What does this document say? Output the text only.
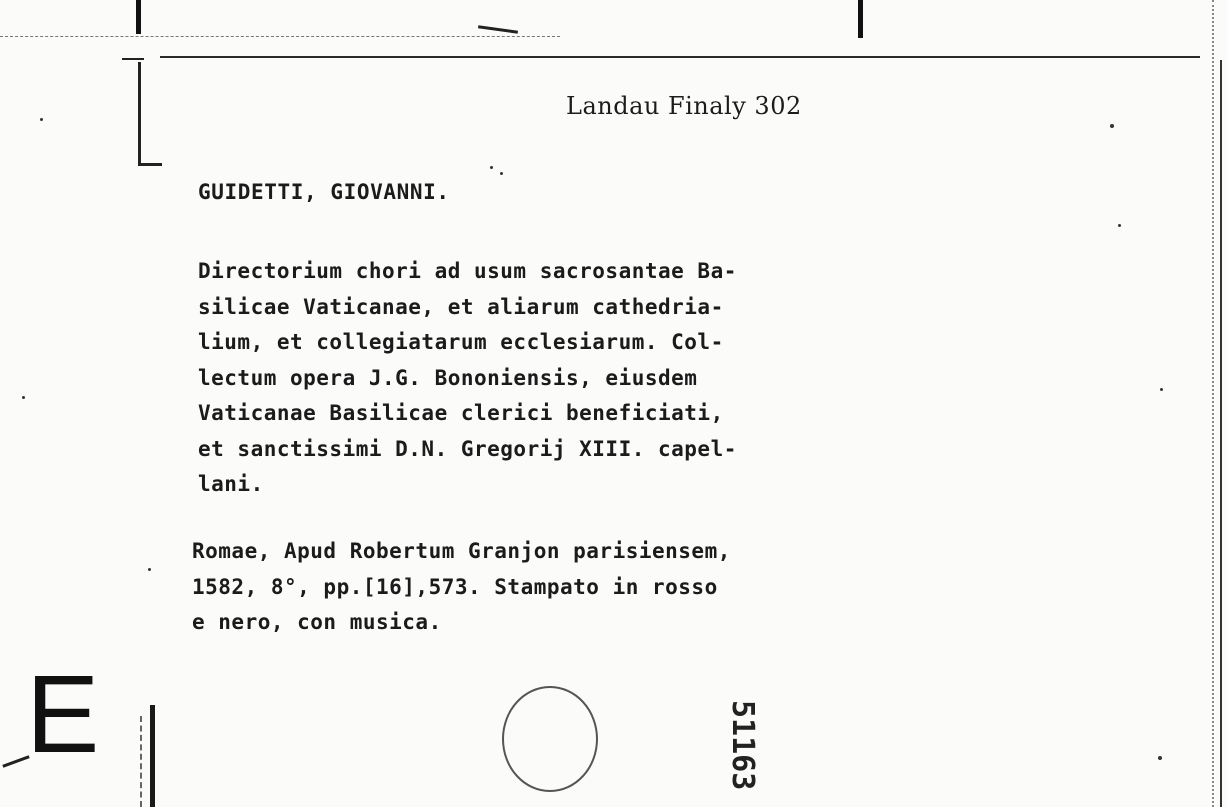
Landau Finaly 302
GUIDETTI, GIOVANNI.
Directorium chori ad usum sacrosantae Ba-
silicae Vaticanae, et aliarum cathedria-
lium, et collegiatarum ecclesiarum. Col-
lectum opera J.G. Bononiensis, eiusdem
Vaticanae Basilicae clerici beneficiati,
et sanctissimi D.N. Gregorij XIII. capel-
lani.
Romae, Apud Robertum Granjon parisiensem,
1582, 8°, pp.[16],573. Stampato in rosso
e nero, con musica.
E	51163
